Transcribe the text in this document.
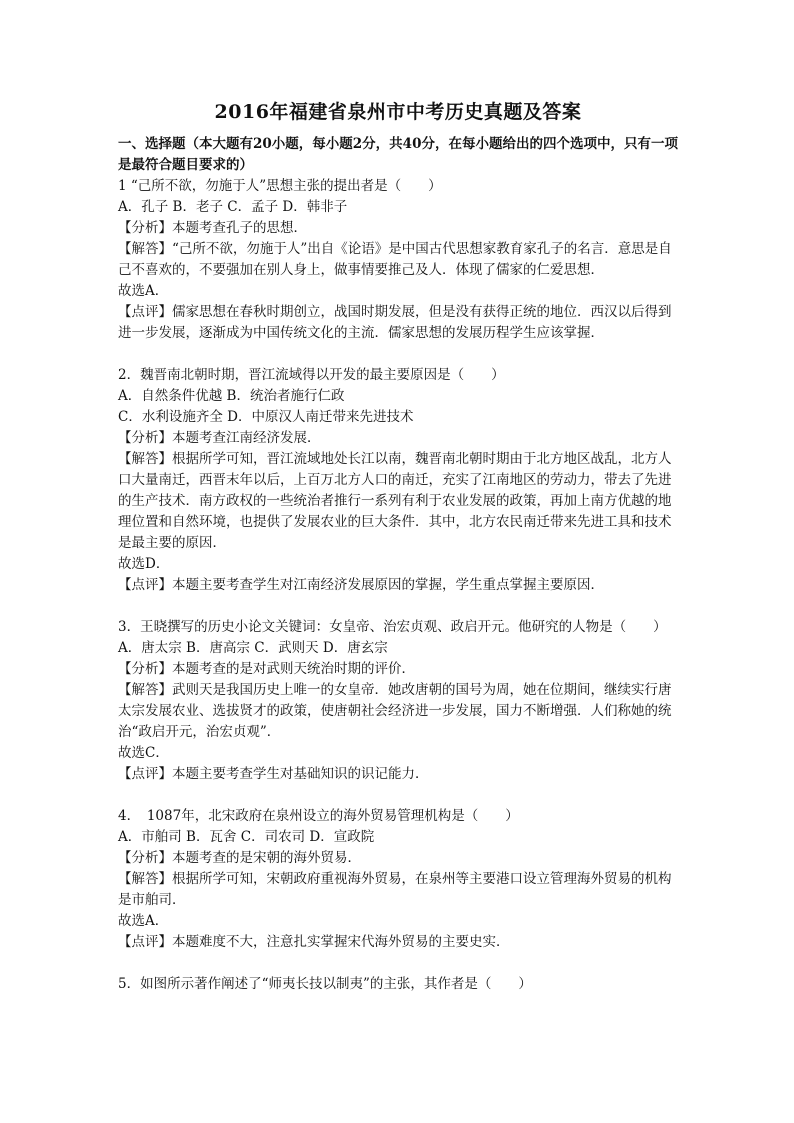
2016年福建省泉州市中考历史真题及答案

一、选择题（本大题有20小题，每小题2分，共40分，在每小题给出的四个选项中，只有一项是最符合题目要求的）

1 “己所不欲，勿施于人”思想主张的提出者是（　　）

A．孔子 B．老子 C．孟子 D．韩非子

【分析】本题考查孔子的思想．

【解答】“己所不欲，勿施于人”出自《论语》是中国古代思想家教育家孔子的名言．意思是自己不喜欢的，不要强加在别人身上，做事情要推己及人．体现了儒家的仁爱思想．

故选A．

【点评】儒家思想在春秋时期创立，战国时期发展，但是没有获得正统的地位．西汉以后得到进一步发展，逐渐成为中国传统文化的主流．儒家思想的发展历程学生应该掌握．

2．魏晋南北朝时期，晋江流域得以开发的最主要原因是（　　）

A．自然条件优越 B．统治者施行仁政

C．水利设施齐全 D．中原汉人南迁带来先进技术

【分析】本题考查江南经济发展．

【解答】根据所学可知，晋江流域地处长江以南，魏晋南北朝时期由于北方地区战乱，北方人口大量南迁，西晋末年以后，上百万北方人口的南迁，充实了江南地区的劳动力，带去了先进的生产技术．南方政权的一些统治者推行一系列有利于农业发展的政策，再加上南方优越的地理位置和自然环境，也提供了发展农业的巨大条件．其中，北方农民南迁带来先进工具和技术是最主要的原因．

故选D．

【点评】本题主要考查学生对江南经济发展原因的掌握，学生重点掌握主要原因．

3．王晓撰写的历史小论文关键词：女皇帝、治宏贞观、政启开元。他研究的人物是（　　）

A．唐太宗 B．唐高宗 C．武则天 D．唐玄宗

【分析】本题考查的是对武则天统治时期的评价．

【解答】武则天是我国历史上唯一的女皇帝．她改唐朝的国号为周，她在位期间，继续实行唐太宗发展农业、选拔贤才的政策，使唐朝社会经济进一步发展，国力不断增强．人们称她的统治“政启开元，治宏贞观”．

故选C．

【点评】本题主要考查学生对基础知识的识记能力．

4．　1087年，北宋政府在泉州设立的海外贸易管理机构是（　　）

A．市舶司 B．瓦舍 C．司农司 D．宣政院

【分析】本题考查的是宋朝的海外贸易．

【解答】根据所学可知，宋朝政府重视海外贸易，在泉州等主要港口设立管理海外贸易的机构是市舶司．

故选A．

【点评】本题难度不大，注意扎实掌握宋代海外贸易的主要史实．

5．如图所示著作阐述了“师夷长技以制夷”的主张，其作者是（　　）
